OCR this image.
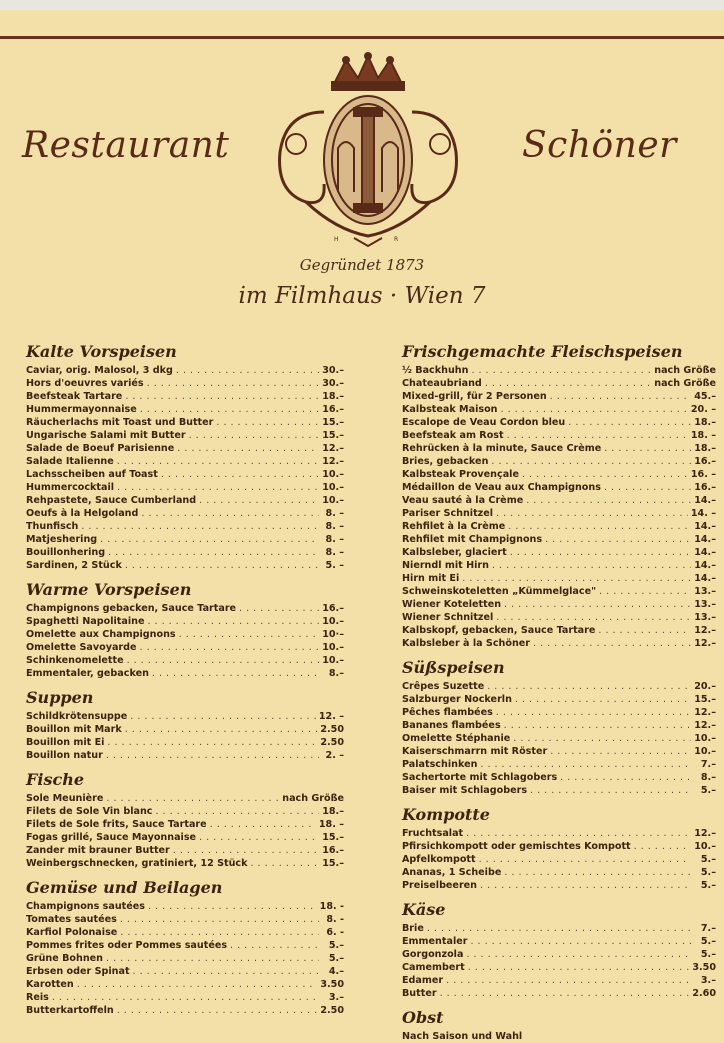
Restaurant	Schöner
H	R
Gegründet 1873
im Filmhaus · Wien 7
Kalte Vorspeisen
Caviar, orig. Malosol, 3 dkg .....	30.–
Hors d'oeuvres variés .....	30.–
Beefsteak Tartare .....	18.–
Hummermayonnaise .....	16.–
Räucherlachs mit Toast und Butter .....	15.–
Ungarische Salami mit Butter .....	15.–
Salade de Boeuf Parisienne .....	12.–
Salade Italienne .....	12.–
Lachsscheiben auf Toast .....	10.–
Hummercocktail .....	10.–
Rehpastete, Sauce Cumberland .....	10.–
Oeufs à la Helgoland .....	8. –
Thunfisch .....	8. –
Matjeshering .....	8. –
Bouillonhering .....	8. –
Sardinen, 2 Stück .....	5. –
Warme Vorspeisen
Champignons gebacken, Sauce Tartare .....	16.–
Spaghetti Napolitaine .....	10.–
Omelette aux Champignons .....	10·–
Omelette Savoyarde .....	10.–
Schinkenomelette .....	10.–
Emmentaler, gebacken .....	8.–
Suppen
Schildkrötensuppe .....	12. –
Bouillon mit Mark .....	2.50
Bouillon mit Ei .....	2.50
Bouillon natur .....	2. –
Fische
Sole Meunière .....	nach Größe
Filets de Sole Vin blanc .....	18.–
Filets de Sole frits, Sauce Tartare .....	18. –
Fogas grillé, Sauce Mayonnaise .....	15.–
Zander mit brauner Butter .....	16.–
Weinbergschnecken, gratiniert, 12 Stück .....	15.–
Gemüse und Beilagen
Champignons sautées .....	18. -
Tomates sautées .....	8. -
Karfiol Polonaise .....	6. -
Pommes frites oder Pommes sautées .....	5.–
Grüne Bohnen .....	5.–
Erbsen oder Spinat .....	4.–
Karotten .....	3.50
Reis .....	3.–
Butterkartoffeln .....	2.50
Frischgemachte Fleischspeisen
½ Backhuhn .....	nach Größe
Chateaubriand .....	nach Größe
Mixed-grill, für 2 Personen .....	45.–
Kalbsteak Maison .....	20. –
Escalope de Veau Cordon bleu .....	18.–
Beefsteak am Rost .....	18. –
Rehrücken à la minute, Sauce Crème .....	18.–
Bries, gebacken .....	16.–
Kalbsteak Provençale .....	16. –
Médaillon de Veau aux Champignons .....	16.–
Veau sauté à la Crème .....	14.–
Pariser Schnitzel .....	14. –
Rehfilet à la Crème .....	14.–
Rehfilet mit Champignons .....	14.–
Kalbsleber, glaciert .....	14.–
Nierndl mit Hirn .....	14.–
Hirn mit Ei .....	14.–
Schweinskoteletten „Kümmelglace" .....	13.–
Wiener Koteletten .....	13.–
Wiener Schnitzel .....	13.–
Kalbskopf, gebacken, Sauce Tartare .....	12.–
Kalbsleber à la Schöner .....	12.–
Süßspeisen
Crêpes Suzette .....	20.–
Salzburger Nockerln .....	15.–
Pêches flambées .....	12.–
Bananes flambées .....	12.–
Omelette Stéphanie .....	10.–
Kaiserschmarrn mit Röster .....	10.–
Palatschinken .....	7.–
Sachertorte mit Schlagobers .....	8.–
Baiser mit Schlagobers .....	5.–
Kompotte
Fruchtsalat .....	12.–
Pfirsichkompott oder gemischtes Kompott .....	10.–
Apfelkompott .....	5.–
Ananas, 1 Scheibe .....	5.–
Preiselbeeren .....	5.–
Käse
Brie .....	7.–
Emmentaler .....	5.–
Gorgonzola .....	5.–
Camembert .....	3.50
Edamer .....	3.–
Butter .....	2.60
Obst
Nach Saison und Wahl
